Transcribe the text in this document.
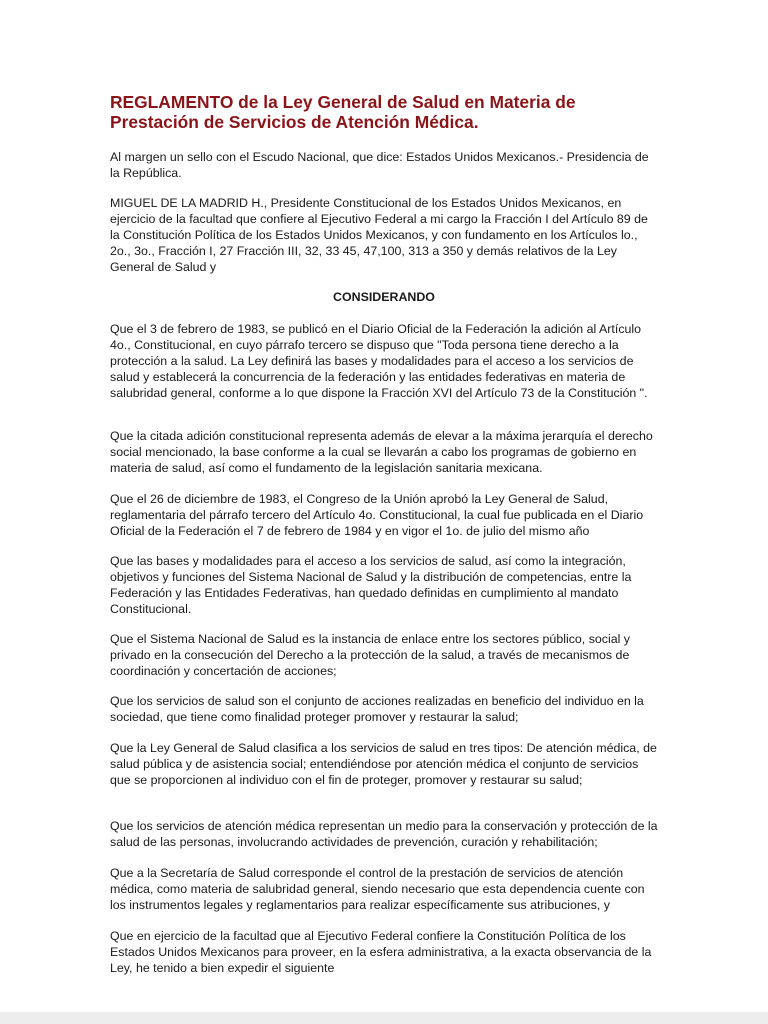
REGLAMENTO de la Ley General de Salud en Materia de
Prestación de Servicios de Atención Médica.

Al margen un sello con el Escudo Nacional, que dice: Estados Unidos Mexicanos.- Presidencia de la República.

MIGUEL DE LA MADRID H., Presidente Constitucional de los Estados Unidos Mexicanos, en ejercicio de la facultad que confiere al Ejecutivo Federal a mi cargo la Fracción I del Artículo 89 de la Constitución Política de los Estados Unidos Mexicanos, y con fundamento en los Artículos lo., 2o., 3o., Fracción I, 27 Fracción III, 32, 33 45, 47,100, 313 a 350 y demás relativos de la Ley General de Salud y

CONSIDERANDO

Que el 3 de febrero de 1983, se publicó en el Diario Oficial de la Federación la adición al Artículo 4o., Constitucional, en cuyo párrafo tercero se dispuso que "Toda persona tiene derecho a la protección a la salud. La Ley definirá las bases y modalidades para el acceso a los servicios de salud y establecerá la concurrencia de la federación y las entidades federativas en materia de salubridad general, conforme a lo que dispone la Fracción XVI del Artículo 73 de la Constitución ".

Que la citada adición constitucional representa además de elevar a la máxima jerarquía el derecho social mencionado, la base conforme a la cual se llevarán a cabo los programas de gobierno en materia de salud, así como el fundamento de la legislación sanitaria mexicana.

Que el 26 de diciembre de 1983, el Congreso de la Unión aprobó la Ley General de Salud, reglamentaria del párrafo tercero del Artículo 4o. Constitucional, la cual fue publicada en el Diario Oficial de la Federación el 7 de febrero de 1984 y en vigor el 1o. de julio del mismo año

Que las bases y modalidades para el acceso a los servicios de salud, así como la integración, objetivos y funciones del Sistema Nacional de Salud y la distribución de competencias, entre la Federación y las Entidades Federativas, han quedado definidas en cumplimiento al mandato Constitucional.

Que el Sistema Nacional de Salud es la instancia de enlace entre los sectores público, social y privado en la consecución del Derecho a la protección de la salud, a través de mecanismos de coordinación y concertación de acciones;

Que los servicios de salud son el conjunto de acciones realizadas en beneficio del individuo en la sociedad, que tiene como finalidad proteger promover y restaurar la salud;

Que la Ley General de Salud clasifica a los servicios de salud en tres tipos: De atención médica, de salud pública y de asistencia social; entendiéndose por atención médica el conjunto de servicios que se proporcionen al individuo con el fin de proteger, promover y restaurar su salud;

Que los servicios de atención médica representan un medio para la conservación y protección de la salud de las personas, involucrando actividades de prevención, curación y rehabilitación;

Que a la Secretaría de Salud corresponde el control de la prestación de servicios de atención médica, como materia de salubridad general, siendo necesario que esta dependencia cuente con los instrumentos legales y reglamentarios para realizar específicamente sus atribuciones, y

Que en ejercicio de la facultad que al Ejecutivo Federal confiere la Constitución Política de los Estados Unidos Mexicanos para proveer, en la esfera administrativa, a la exacta observancia de la Ley, he tenido a bien expedir el siguiente
